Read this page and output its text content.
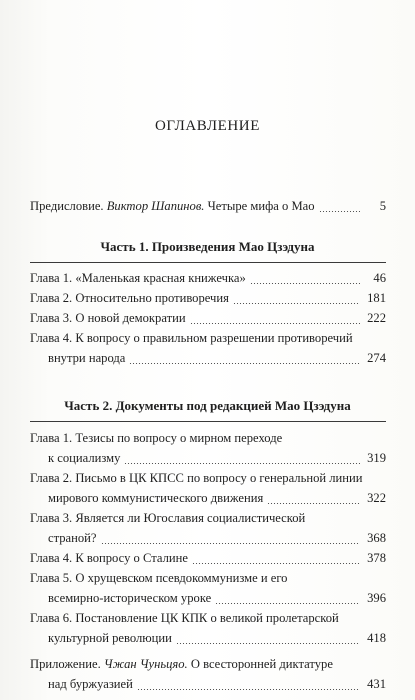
ОГЛАВЛЕНИЕ
Предисловие.
Виктор Шапинов.
Четыре мифа о Мао	5
Часть 1. Произведения Мао Цзэдуна
Глава 1. «Маленькая красная книжечка»	46
Глава 2. Относительно противоречия	181
Глава 3. О новой демократии	222
Глава 4. К вопросу о правильном разрешении противоречий
внутри народа	274
Часть 2. Документы под редакцией Мао Цзэдуна
Глава 1. Тезисы по вопросу о мирном переходе
к социализму	319
Глава 2. Письмо в ЦК КПСС по вопросу о генеральной линии
мирового коммунистического движения	322
Глава 3. Является ли Югославия социалистической
страной?	368
Глава 4. К вопросу о Сталине	378
Глава 5. О хрущевском псевдокоммунизме и его
всемирно-историческом уроке	396
Глава 6. Постановление ЦК КПК о великой пролетарской
культурной революции	418
Приложение.
Чжан Чуньцяо.
О всесторонней диктатуре
над буржуазией	431
